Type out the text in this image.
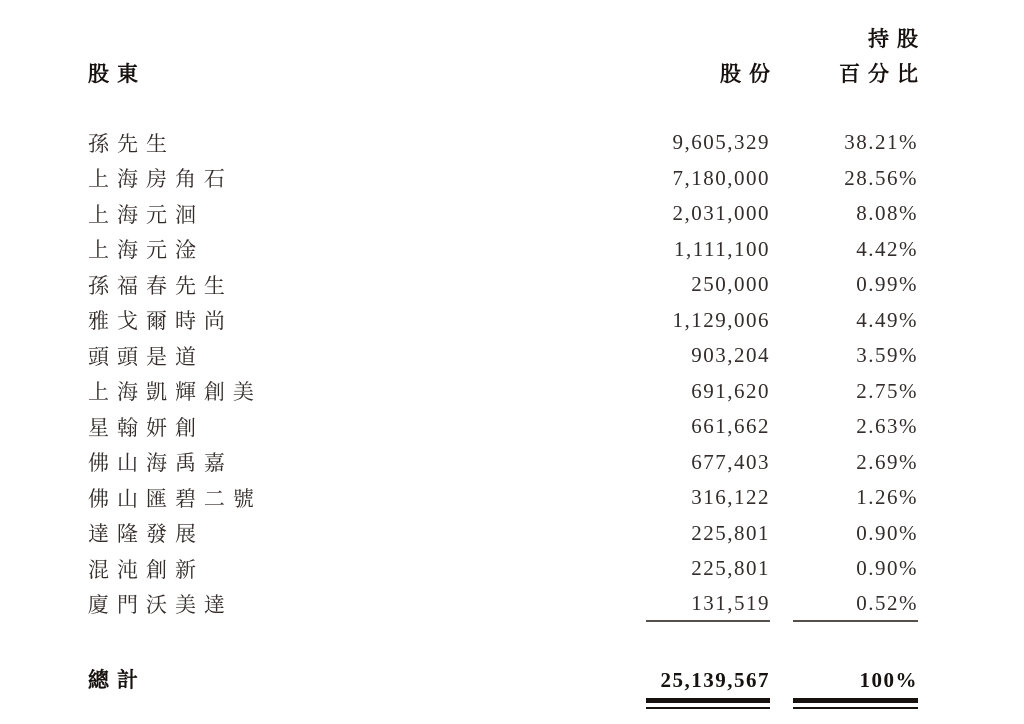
持股
股東	股份	百分比
孫先生	9,605,329	38.21%
上海房角石	7,180,000	28.56%
上海元洄	2,031,000	8.08%
上海元淦	1,111,100	4.42%
孫福春先生	250,000	0.99%
雅戈爾時尚	1,129,006	4.49%
頭頭是道	903,204	3.59%
上海凱輝創美	691,620	2.75%
星翰妍創	661,662	2.63%
佛山海禹嘉	677,403	2.69%
佛山匯碧二號	316,122	1.26%
達隆發展	225,801	0.90%
混沌創新	225,801	0.90%
廈門沃美達	131,519	0.52%
總計	25,139,567	100%
